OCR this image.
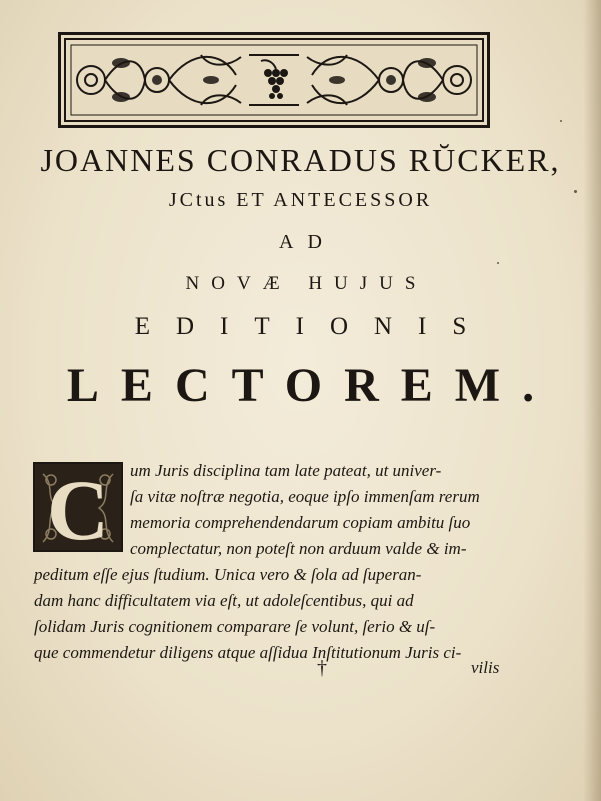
JOANNES CONRADUS RŬCKER,
JCtus ET ANTECESSOR
AD
NOVÆ HUJUS
EDITIONIS
LECTOREM.
C	um Juris disciplina tam late pateat, ut univer-
ſa vitæ noſtræ negotia, eoque ipſo immenſam rerum
memoria comprehendendarum copiam ambitu ſuo
complectatur, non poteſt non arduum valde & im-
peditum eſſe ejus ſtudium. Unica vero & ſola ad ſuperan-
dam hanc difficultatem via eſt, ut adoleſcentibus, qui ad
ſolidam Juris cognitionem comparare ſe volunt, ſerio & uſ-
que commendetur diligens atque aſſidua Inſtitutionum Juris ci-
†	vilis
